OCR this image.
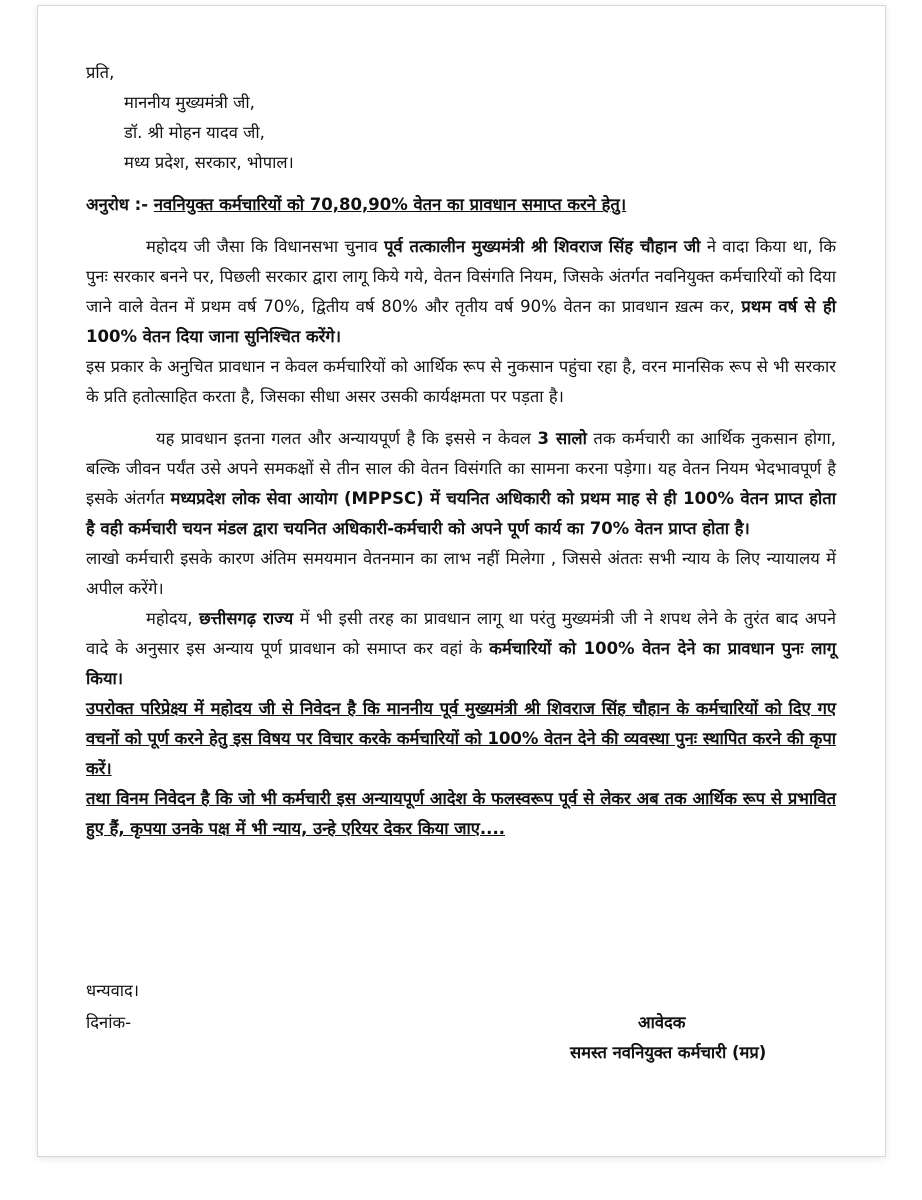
प्रति,
माननीय मुख्यमंत्री जी,
डॉ. श्री मोहन यादव जी,
मध्य प्रदेश, सरकार, भोपाल।
अनुरोध :- नवनियुक्त कर्मचारियों को 70,80,90% वेतन का प्रावधान समाप्त करने हेतु।
महोदय जी जैसा कि विधानसभा चुनाव पूर्व तत्कालीन मुख्यमंत्री श्री शिवराज सिंह चौहान जी ने वादा किया था, कि पुनः सरकार बनने पर, पिछली सरकार द्वारा लागू किये गये, वेतन विसंगति नियम, जिसके अंतर्गत नवनियुक्त कर्मचारियों को दिया जाने वाले वेतन में प्रथम वर्ष 70%, द्वितीय वर्ष 80% और तृतीय वर्ष 90% वेतन का प्रावधान ख़त्म कर, प्रथम वर्ष से ही 100% वेतन दिया जाना सुनिश्चित करेंगे।
इस प्रकार के अनुचित प्रावधान न केवल कर्मचारियों को आर्थिक रूप से नुकसान पहुंचा रहा है, वरन मानसिक रूप से भी सरकार के प्रति हतोत्साहित करता है, जिसका सीधा असर उसकी कार्यक्षमता पर पड़ता है।
यह प्रावधान इतना गलत और अन्यायपूर्ण है कि इससे न केवल 3 सालो तक कर्मचारी का आर्थिक नुकसान होगा, बल्कि जीवन पर्यंत उसे अपने समकक्षों से तीन साल की वेतन विसंगति का सामना करना पड़ेगा। यह वेतन नियम भेदभावपूर्ण है इसके अंतर्गत मध्यप्रदेश लोक सेवा आयोग (MPPSC) में चयनित अधिकारी को प्रथम माह से ही 100% वेतन प्राप्त होता है वही कर्मचारी चयन मंडल द्वारा चयनित अधिकारी-कर्मचारी को अपने पूर्ण कार्य का 70% वेतन प्राप्त होता है।
लाखो कर्मचारी इसके कारण अंतिम समयमान वेतनमान का लाभ नहीं मिलेगा , जिससे अंततः सभी न्याय के लिए न्यायालय में अपील करेंगे।
महोदय, छत्तीसगढ़ राज्य में भी इसी तरह का प्रावधान लागू था परंतु मुख्यमंत्री जी ने शपथ लेने के तुरंत बाद अपने वादे के अनुसार इस अन्याय पूर्ण प्रावधान को समाप्त कर वहां के कर्मचारियों को 100% वेतन देने का प्रावधान पुनः लागू किया।
उपरोक्त परिप्रेक्ष्य में महोदय जी से निवेदन है कि माननीय पूर्व मुख्यमंत्री श्री शिवराज सिंह चौहान के कर्मचारियों को दिए गए वचनों को पूर्ण करने हेतु इस विषय पर विचार करके कर्मचारियों को 100% वेतन देने की व्यवस्था पुनः स्थापित करने की कृपा करें।
तथा विनम निवेदन है कि जो भी कर्मचारी इस अन्यायपूर्ण आदेश के फलस्वरूप पूर्व से लेकर अब तक आर्थिक रूप से प्रभावित हुए हैं, कृपया उनके पक्ष में भी न्याय, उन्हे एरियर देकर किया जाए....
धन्यवाद।
दिनांक-	आवेदक
समस्त नवनियुक्त कर्मचारी (मप्र)
